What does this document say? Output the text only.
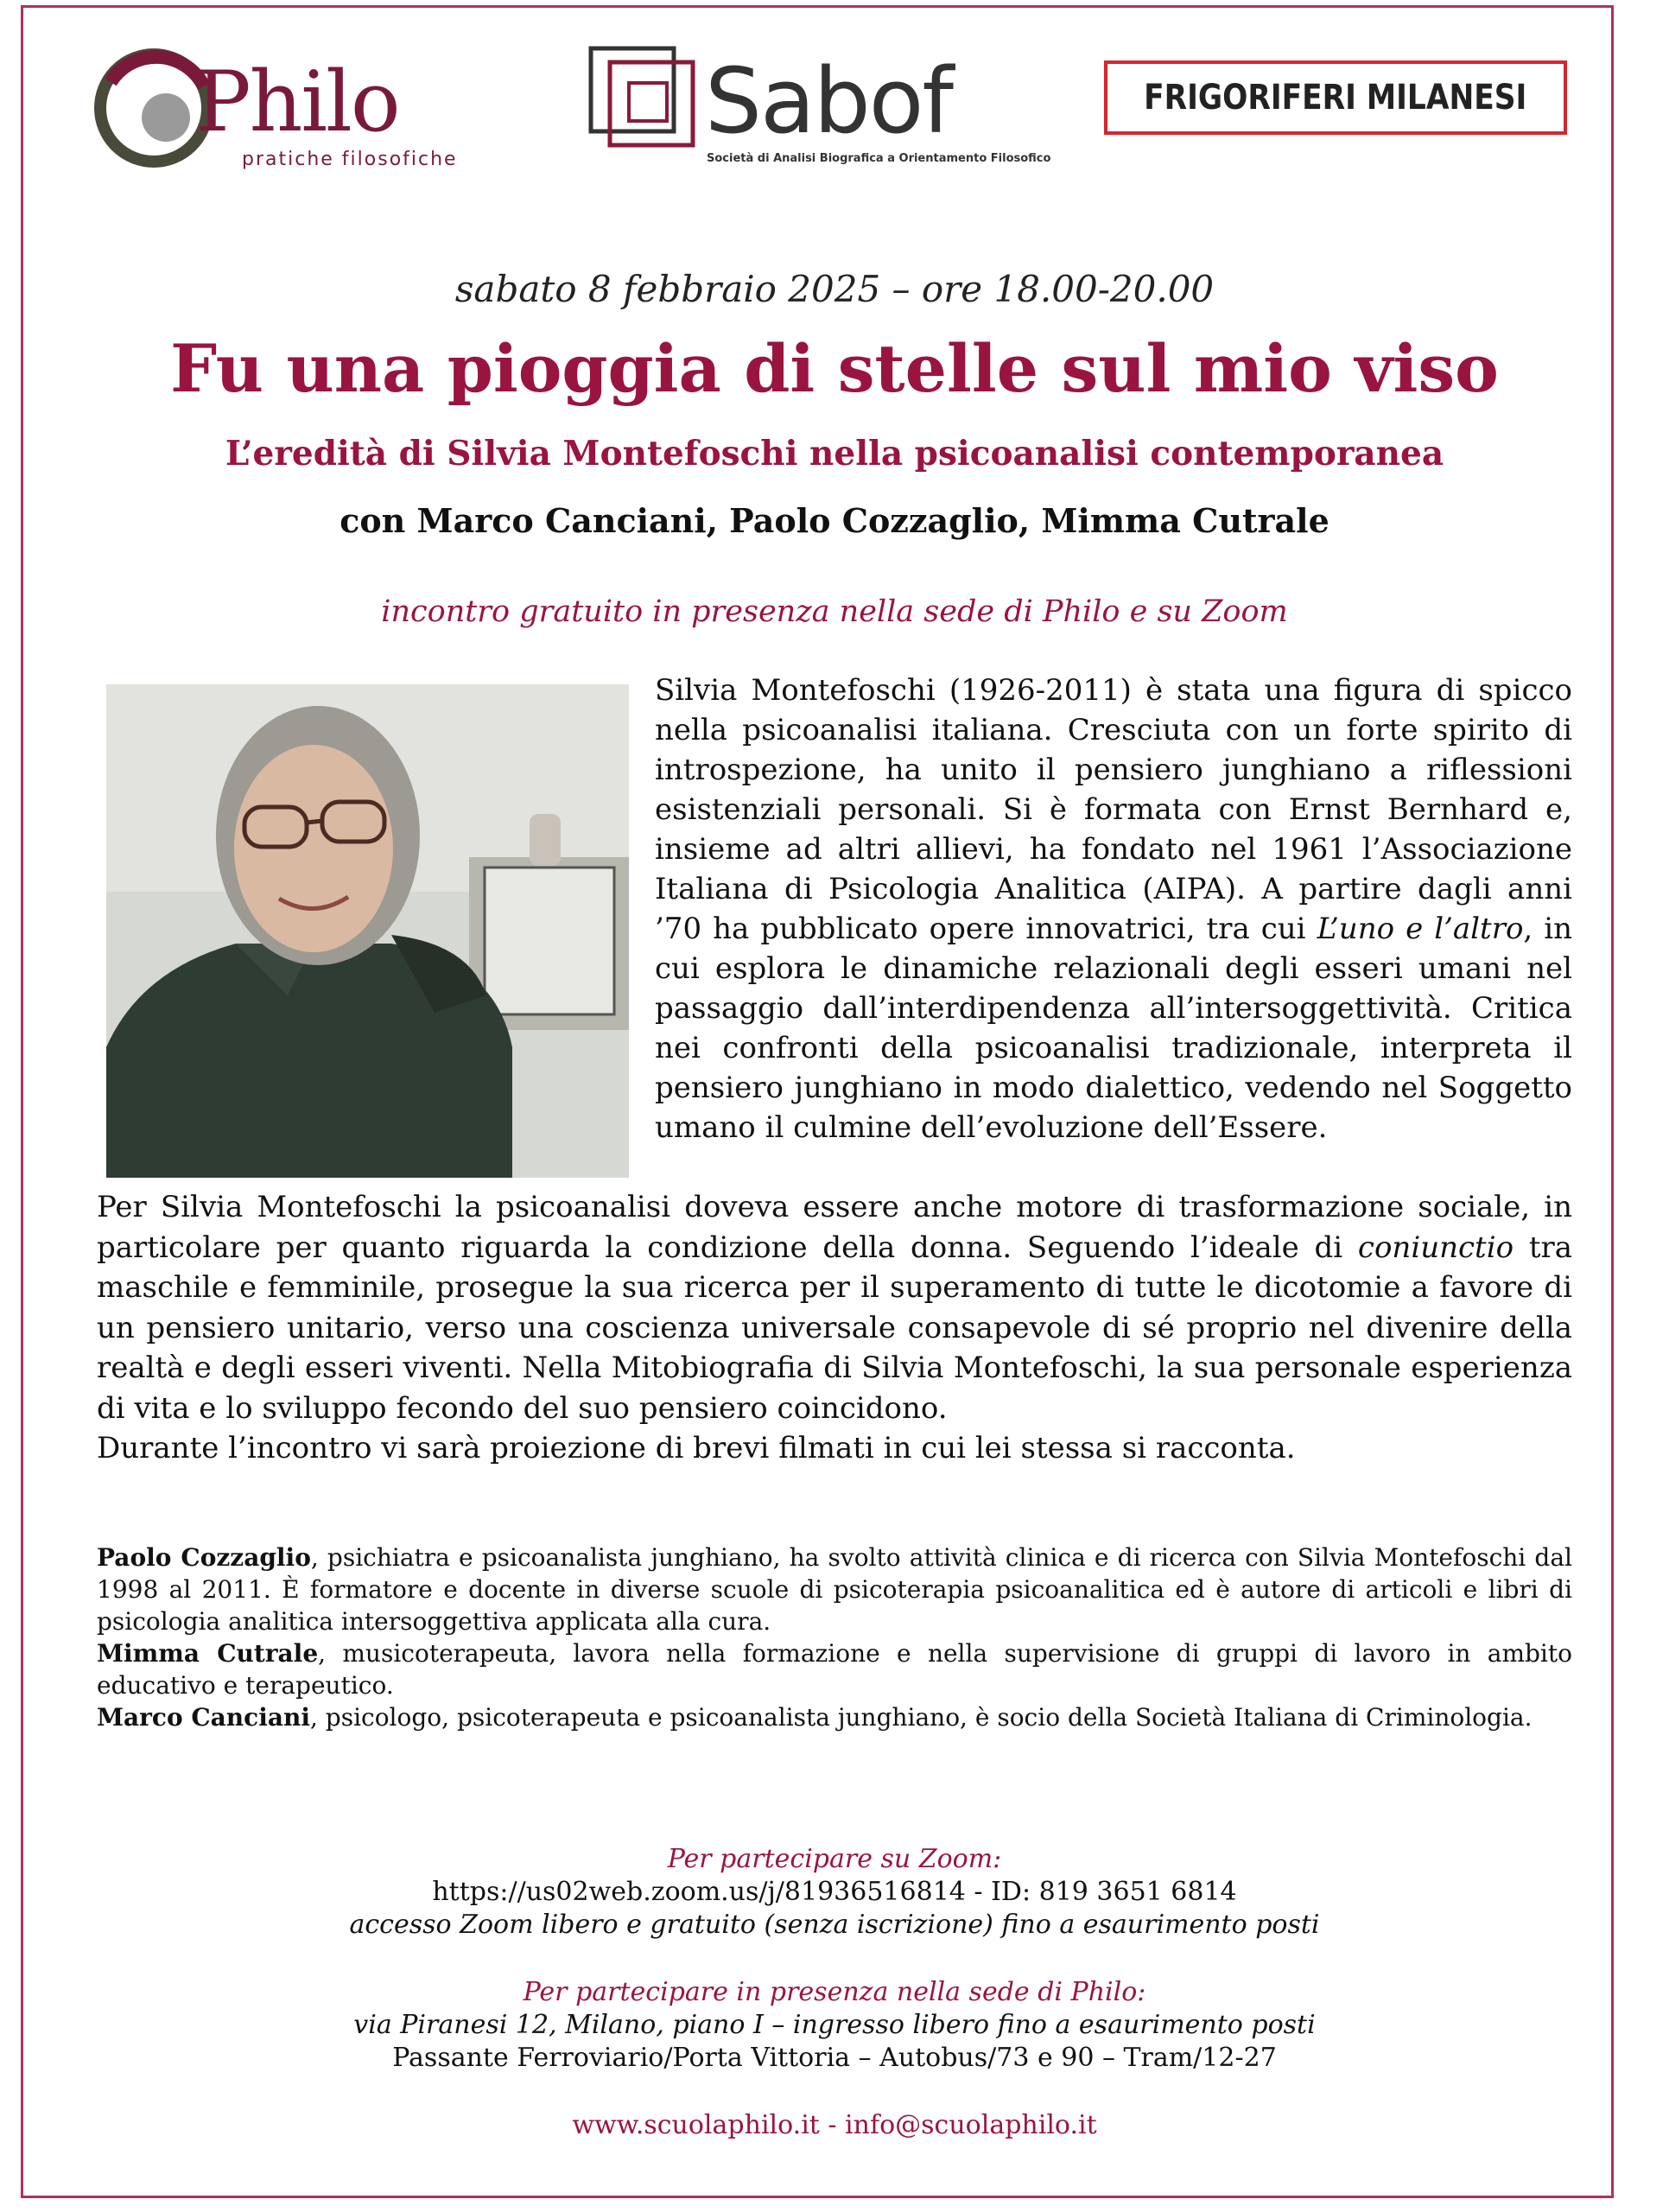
Philo
pratiche filosofiche
Sabof
Società di Analisi Biografica a Orientamento Filosofico
FRIGORIFERI MILANESI
sabato 8 febbraio 2025 – ore 18.00-20.00
Fu una pioggia di stelle sul mio viso
L’eredità di Silvia Montefoschi nella psicoanalisi contemporanea
con Marco Canciani, Paolo Cozzaglio, Mimma Cutrale
incontro gratuito in presenza nella sede di Philo e su Zoom

Silvia Montefoschi (1926-2011) è stata una figura di spicco nella psicoanalisi italiana. Cresciuta con un forte spirito di introspezione, ha unito il pensiero junghiano a riflessioni esistenziali personali. Si è formata con Ernst Bernhard e, insieme ad altri allievi, ha fondato nel 1961 l’Associazione Italiana di Psicologia Analitica (AIPA). A partire dagli anni ’70 ha pubblicato opere innovatrici, tra cui L’uno e l’altro, in cui esplora le dinamiche relazionali degli esseri umani nel passaggio dall’interdipendenza all’intersoggettività. Critica nei confronti della psicoanalisi tradizionale, interpreta il pensiero junghiano in modo dialettico, vedendo nel Soggetto umano il culmine dell’evoluzione dell’Essere.

Per Silvia Montefoschi la psicoanalisi doveva essere anche motore di trasformazione sociale, in particolare per quanto riguarda la condizione della donna. Seguendo l’ideale di coniunctio tra maschile e femminile, prosegue la sua ricerca per il superamento di tutte le dicotomie a favore di un pensiero unitario, verso una coscienza universale consapevole di sé proprio nel divenire della realtà e degli esseri viventi. Nella Mitobiografia di Silvia Montefoschi, la sua personale esperienza di vita e lo sviluppo fecondo del suo pensiero coincidono.

Durante l’incontro vi sarà proiezione di brevi filmati in cui lei stessa si racconta.

Paolo Cozzaglio, psichiatra e psicoanalista junghiano, ha svolto attività clinica e di ricerca con Silvia Montefoschi dal 1998 al 2011. È formatore e docente in diverse scuole di psicoterapia psicoanalitica ed è autore di articoli e libri di psicologia analitica intersoggettiva applicata alla cura.

Mimma Cutrale, musicoterapeuta, lavora nella formazione e nella supervisione di gruppi di lavoro in ambito educativo e terapeutico.

Marco Canciani, psicologo, psicoterapeuta e psicoanalista junghiano, è socio della Società Italiana di Criminologia.

Per partecipare su Zoom:
https://us02web.zoom.us/j/81936516814 - ID: 819 3651 6814
accesso Zoom libero e gratuito (senza iscrizione) fino a esaurimento posti
Per partecipare in presenza nella sede di Philo:
via Piranesi 12, Milano, piano I – ingresso libero fino a esaurimento posti
Passante Ferroviario/Porta Vittoria – Autobus/73 e 90 – Tram/12-27
www.scuolaphilo.it - info@scuolaphilo.it
